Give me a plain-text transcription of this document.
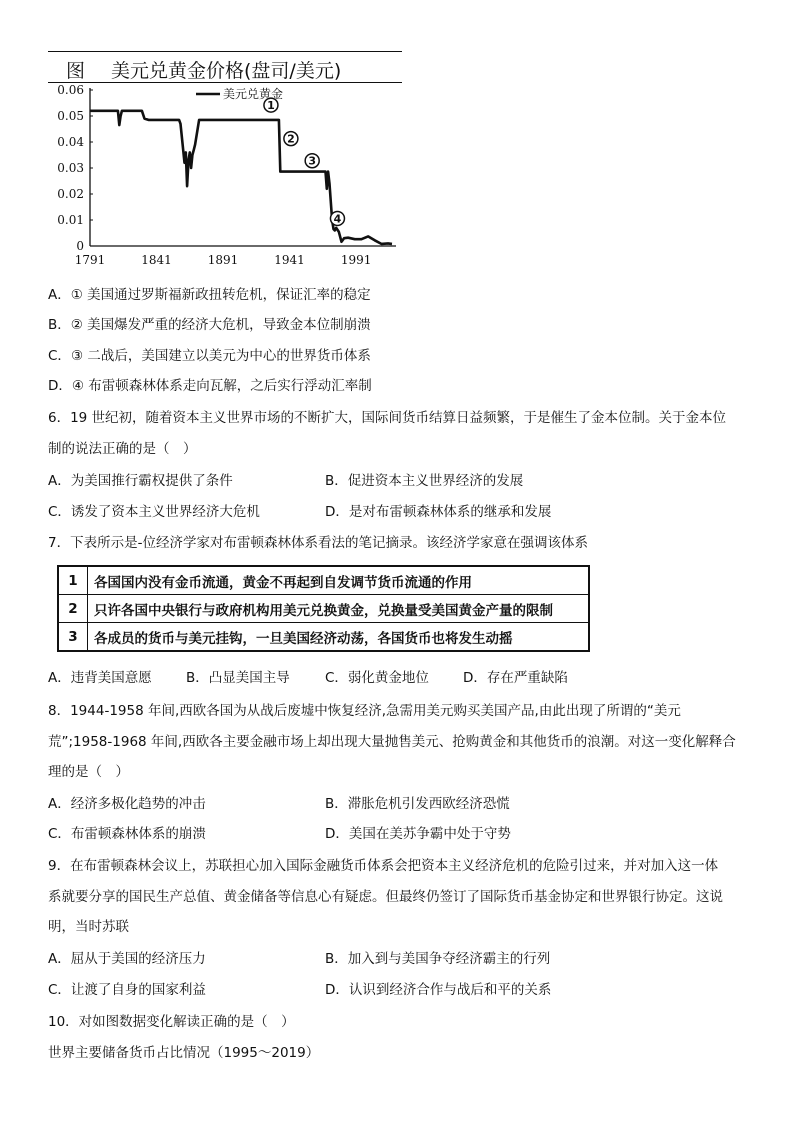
图 美元兑黄金价格(盘司/美元)
0.06
0.05
0.04
0.03
0.02
0.01
0
1791	1841	1891	1941	1991
1
2
3
4
美元兑黄金
A．① 美国通过罗斯福新政扭转危机，保证汇率的稳定
B．② 美国爆发严重的经济大危机，导致金本位制崩溃
C．③ 二战后，美国建立以美元为中心的世界货币体系
D．④ 布雷顿森林体系走向瓦解，之后实行浮动汇率制
6．19 世纪初，随着资本主义世界市场的不断扩大，国际间货币结算日益频繁，于是催生了金本位制。关于金本位
制的说法正确的是（　）
A．为美国推行霸权提供了条件	B．促进资本主义世界经济的发展
C．诱发了资本主义世界经济大危机	D．是对布雷顿森林体系的继承和发展
7．下表所示是-位经济学家对布雷顿森林体系看法的笔记摘录。该经济学家意在强调该体系
1	各国国内没有金币流通，黄金不再起到自发调节货币流通的作用
2	只许各国中央银行与政府机构用美元兑换黄金，兑换量受美国黄金产量的限制
3	各成员的货币与美元挂钩，一旦美国经济动荡，各国货币也将发生动摇
A．违背美国意愿	B．凸显美国主导	C．弱化黄金地位	D．存在严重缺陷
8．1944-1958 年间,西欧各国为从战后废墟中恢复经济,急需用美元购买美国产品,由此出现了所谓的“美元
荒”;1958-1968 年间,西欧各主要金融市场上却出现大量抛售美元、抢购黄金和其他货币的浪潮。对这一变化解释合
理的是（　）
A．经济多极化趋势的冲击	B．滞胀危机引发西欧经济恐慌
C．布雷顿森林体系的崩溃	D．美国在美苏争霸中处于守势
9．在布雷顿森林会议上，苏联担心加入国际金融货币体系会把资本主义经济危机的危险引过来，并对加入这一体
系就要分享的国民生产总值、黄金储备等信息心有疑虑。但最终仍签订了国际货币基金协定和世界银行协定。这说
明，当时苏联
A．屈从于美国的经济压力	B．加入到与美国争夺经济霸主的行列
C．让渡了自身的国家利益	D．认识到经济合作与战后和平的关系
10．对如图数据变化解读正确的是（　）
世界主要储备货币占比情况（1995～2019）
